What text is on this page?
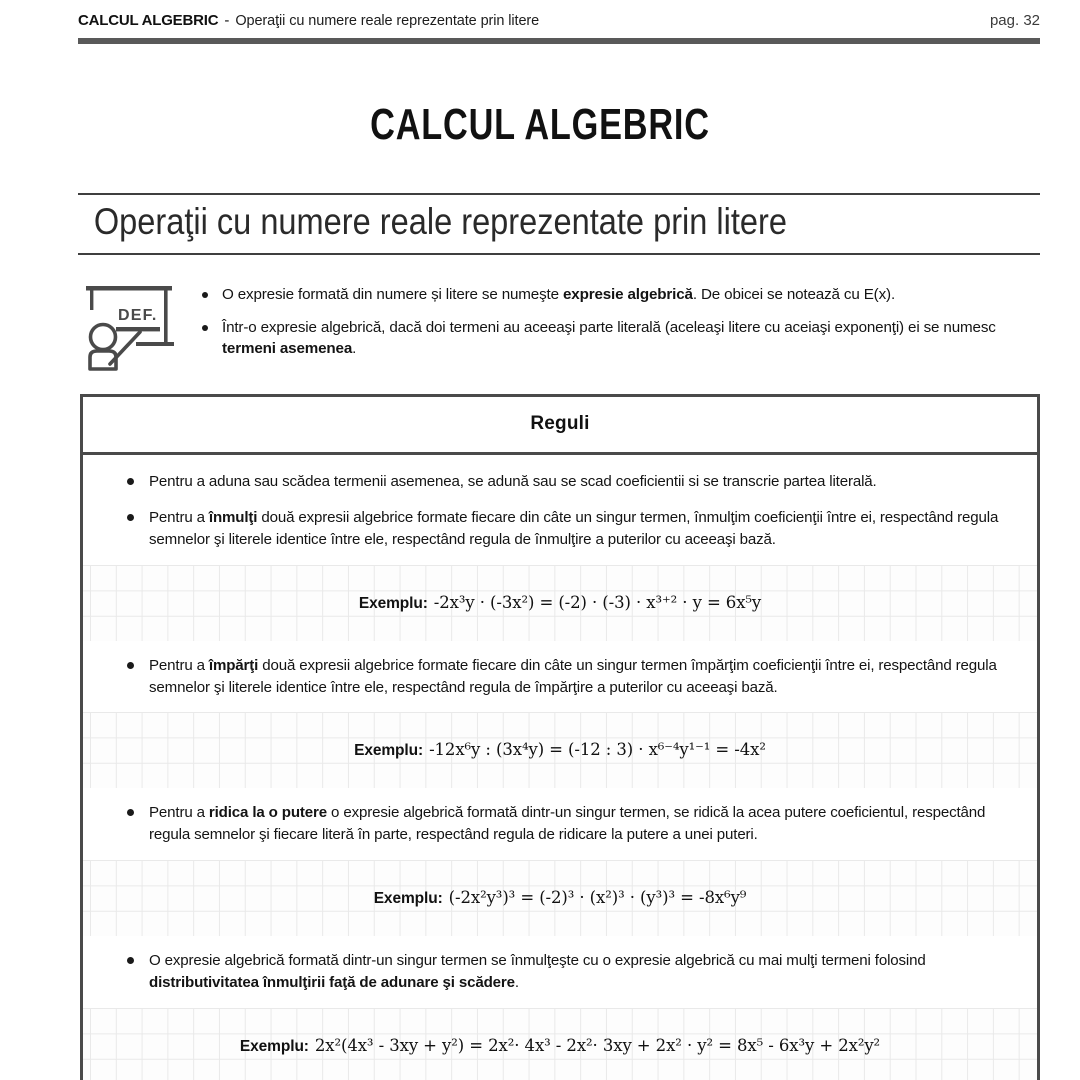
CALCUL ALGEBRIC - Operaţii cu numere reale reprezentate prin litere	pag. 32
CALCUL ALGEBRIC
Operaţii cu numere reale reprezentate prin litere
DEF.
O expresie formată din numere și litere se numeşte expresie algebrică. De obicei se notează cu E(x).
Într-o expresie algebrică, dacă doi termeni au aceeaşi parte literală (aceleaşi litere cu aceiaşi exponenţi) ei se numesc termeni asemenea.
Reguli
Pentru a aduna sau scădea termenii asemenea, se adună sau se scad coeficientii si se transcrie partea literală.
Pentru a înmulţi două expresii algebrice formate fiecare din câte un singur termen, înmulţim coeficienţii între ei, respectând regula semnelor şi literele identice între ele, respectând regula de înmulţire a puterilor cu aceeaşi bază.
Exemplu: -2x³y · (-3x²) = (-2) · (-3) · x³⁺² · y = 6x⁵y
Pentru a împărţi două expresii algebrice formate fiecare din câte un singur termen împărţim coeficienţii între ei, respectând regula semnelor şi literele identice între ele, respectând regula de împărţire a puterilor cu aceeaşi bază.
Exemplu: -12x⁶y : (3x⁴y) = (-12 : 3) · x⁶⁻⁴y¹⁻¹ = -4x²
Pentru a ridica la o putere o expresie algebrică formată dintr-un singur termen, se ridică la acea putere coeficientul, respectând regula semnelor şi fiecare literă în parte, respectând regula de ridicare la putere a unei puteri.
Exemplu: (-2x²y³)³ = (-2)³ · (x²)³ · (y³)³ = -8x⁶y⁹
O expresie algebrică formată dintr-un singur termen se înmulţeşte cu o expresie algebrică cu mai mulţi termeni folosind distributivitatea înmulţirii faţă de adunare şi scădere.
Exemplu: 2x²(4x³ - 3xy + y²) = 2x²· 4x³ - 2x²· 3xy + 2x² · y² = 8x⁵ - 6x³y + 2x²y²
